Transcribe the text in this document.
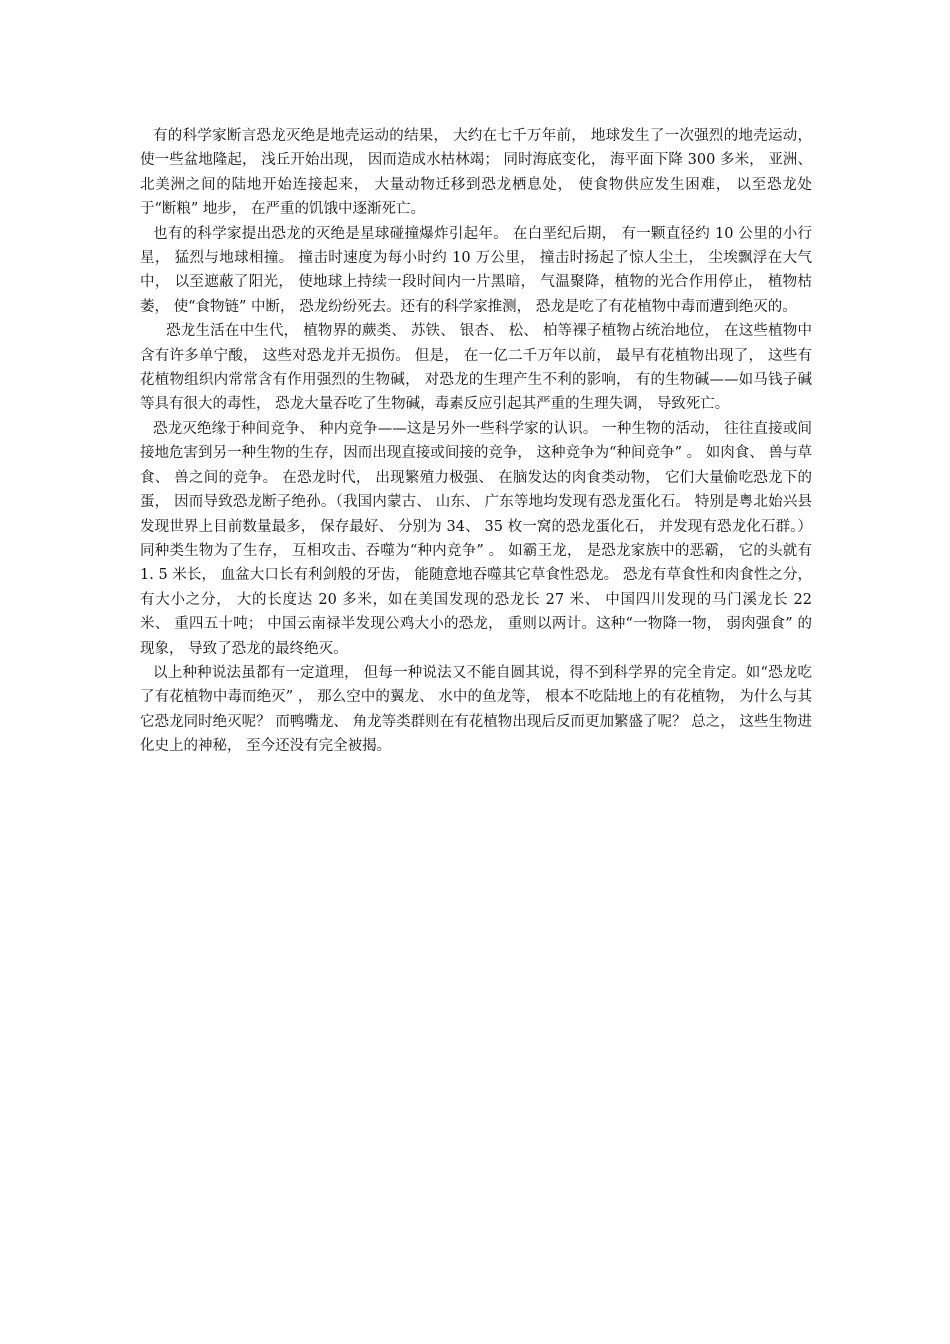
有的科学家断言恐龙灭绝是地壳运动的结果， 大约在七千万年前， 地球发生了一次强烈的地壳运动， 使一些盆地隆起， 浅丘开始出现， 因而造成水枯林竭； 同时海底变化， 海平面下降 300 多米， 亚洲、北美洲之间的陆地开始连接起来， 大量动物迁移到恐龙栖息处， 使食物供应发生困难， 以至恐龙处于“断粮” 地步， 在严重的饥饿中逐渐死亡。

也有的科学家提出恐龙的灭绝是星球碰撞爆炸引起年。 在白垩纪后期， 有一颗直径约 10 公里的小行星， 猛烈与地球相撞。 撞击时速度为每小时约 10 万公里， 撞击时扬起了惊人尘土， 尘埃飘浮在大气中， 以至遮蔽了阳光， 使地球上持续一段时间内一片黑暗， 气温聚降，植物的光合作用停止， 植物枯萎， 使“食物链” 中断， 恐龙纷纷死去。还有的科学家推测， 恐龙是吃了有花植物中毒而遭到绝灭的。

恐龙生活在中生代， 植物界的蕨类、 苏铁、 银杏、 松、 柏等裸子植物占统治地位， 在这些植物中含有许多单宁酸， 这些对恐龙并无损伤。 但是， 在一亿二千万年以前， 最早有花植物出现了， 这些有花植物组织内常常含有作用强烈的生物碱， 对恐龙的生理产生不利的影响， 有的生物碱——如马钱子碱等具有很大的毒性， 恐龙大量吞吃了生物碱，毒素反应引起其严重的生理失调， 导致死亡。

恐龙灭绝缘于种间竞争、 种内竞争——这是另外一些科学家的认识。 一种生物的活动， 往往直接或间接地危害到另一种生物的生存，因而出现直接或间接的竞争， 这种竞争为“种间竞争” 。 如肉食、 兽与草食、 兽之间的竞争。 在恐龙时代， 出现繁殖力极强、 在脑发达的肉食类动物， 它们大量偷吃恐龙下的蛋， 因而导致恐龙断子绝孙。（我国内蒙古、 山东、 广东等地均发现有恐龙蛋化石。 特别是粤北始兴县发现世界上目前数量最多， 保存最好、 分别为 34、 35 枚一窝的恐龙蛋化石， 并发现有恐龙化石群。） 同种类生物为了生存， 互相攻击、吞噬为“种内竞争” 。 如霸王龙， 是恐龙家族中的恶霸， 它的头就有 1. 5 米长， 血盆大口长有利剑般的牙齿， 能随意地吞噬其它草食性恐龙。 恐龙有草食性和肉食性之分，有大小之分， 大的长度达 20 多米，如在美国发现的恐龙长 27 米、 中国四川发现的马门溪龙长 22 米、 重四五十吨； 中国云南禄半发现公鸡大小的恐龙， 重则以两计。这种“一物降一物， 弱肉强食” 的现象， 导致了恐龙的最终绝灭。

以上种种说法虽都有一定道理， 但每一种说法又不能自圆其说，得不到科学界的完全肯定。如“恐龙吃了有花植物中毒而绝灭” ， 那么空中的翼龙、 水中的鱼龙等， 根本不吃陆地上的有花植物， 为什么与其它恐龙同时绝灭呢？ 而鸭嘴龙、 角龙等类群则在有花植物出现后反而更加繁盛了呢？ 总之， 这些生物进化史上的神秘， 至今还没有完全被揭。
